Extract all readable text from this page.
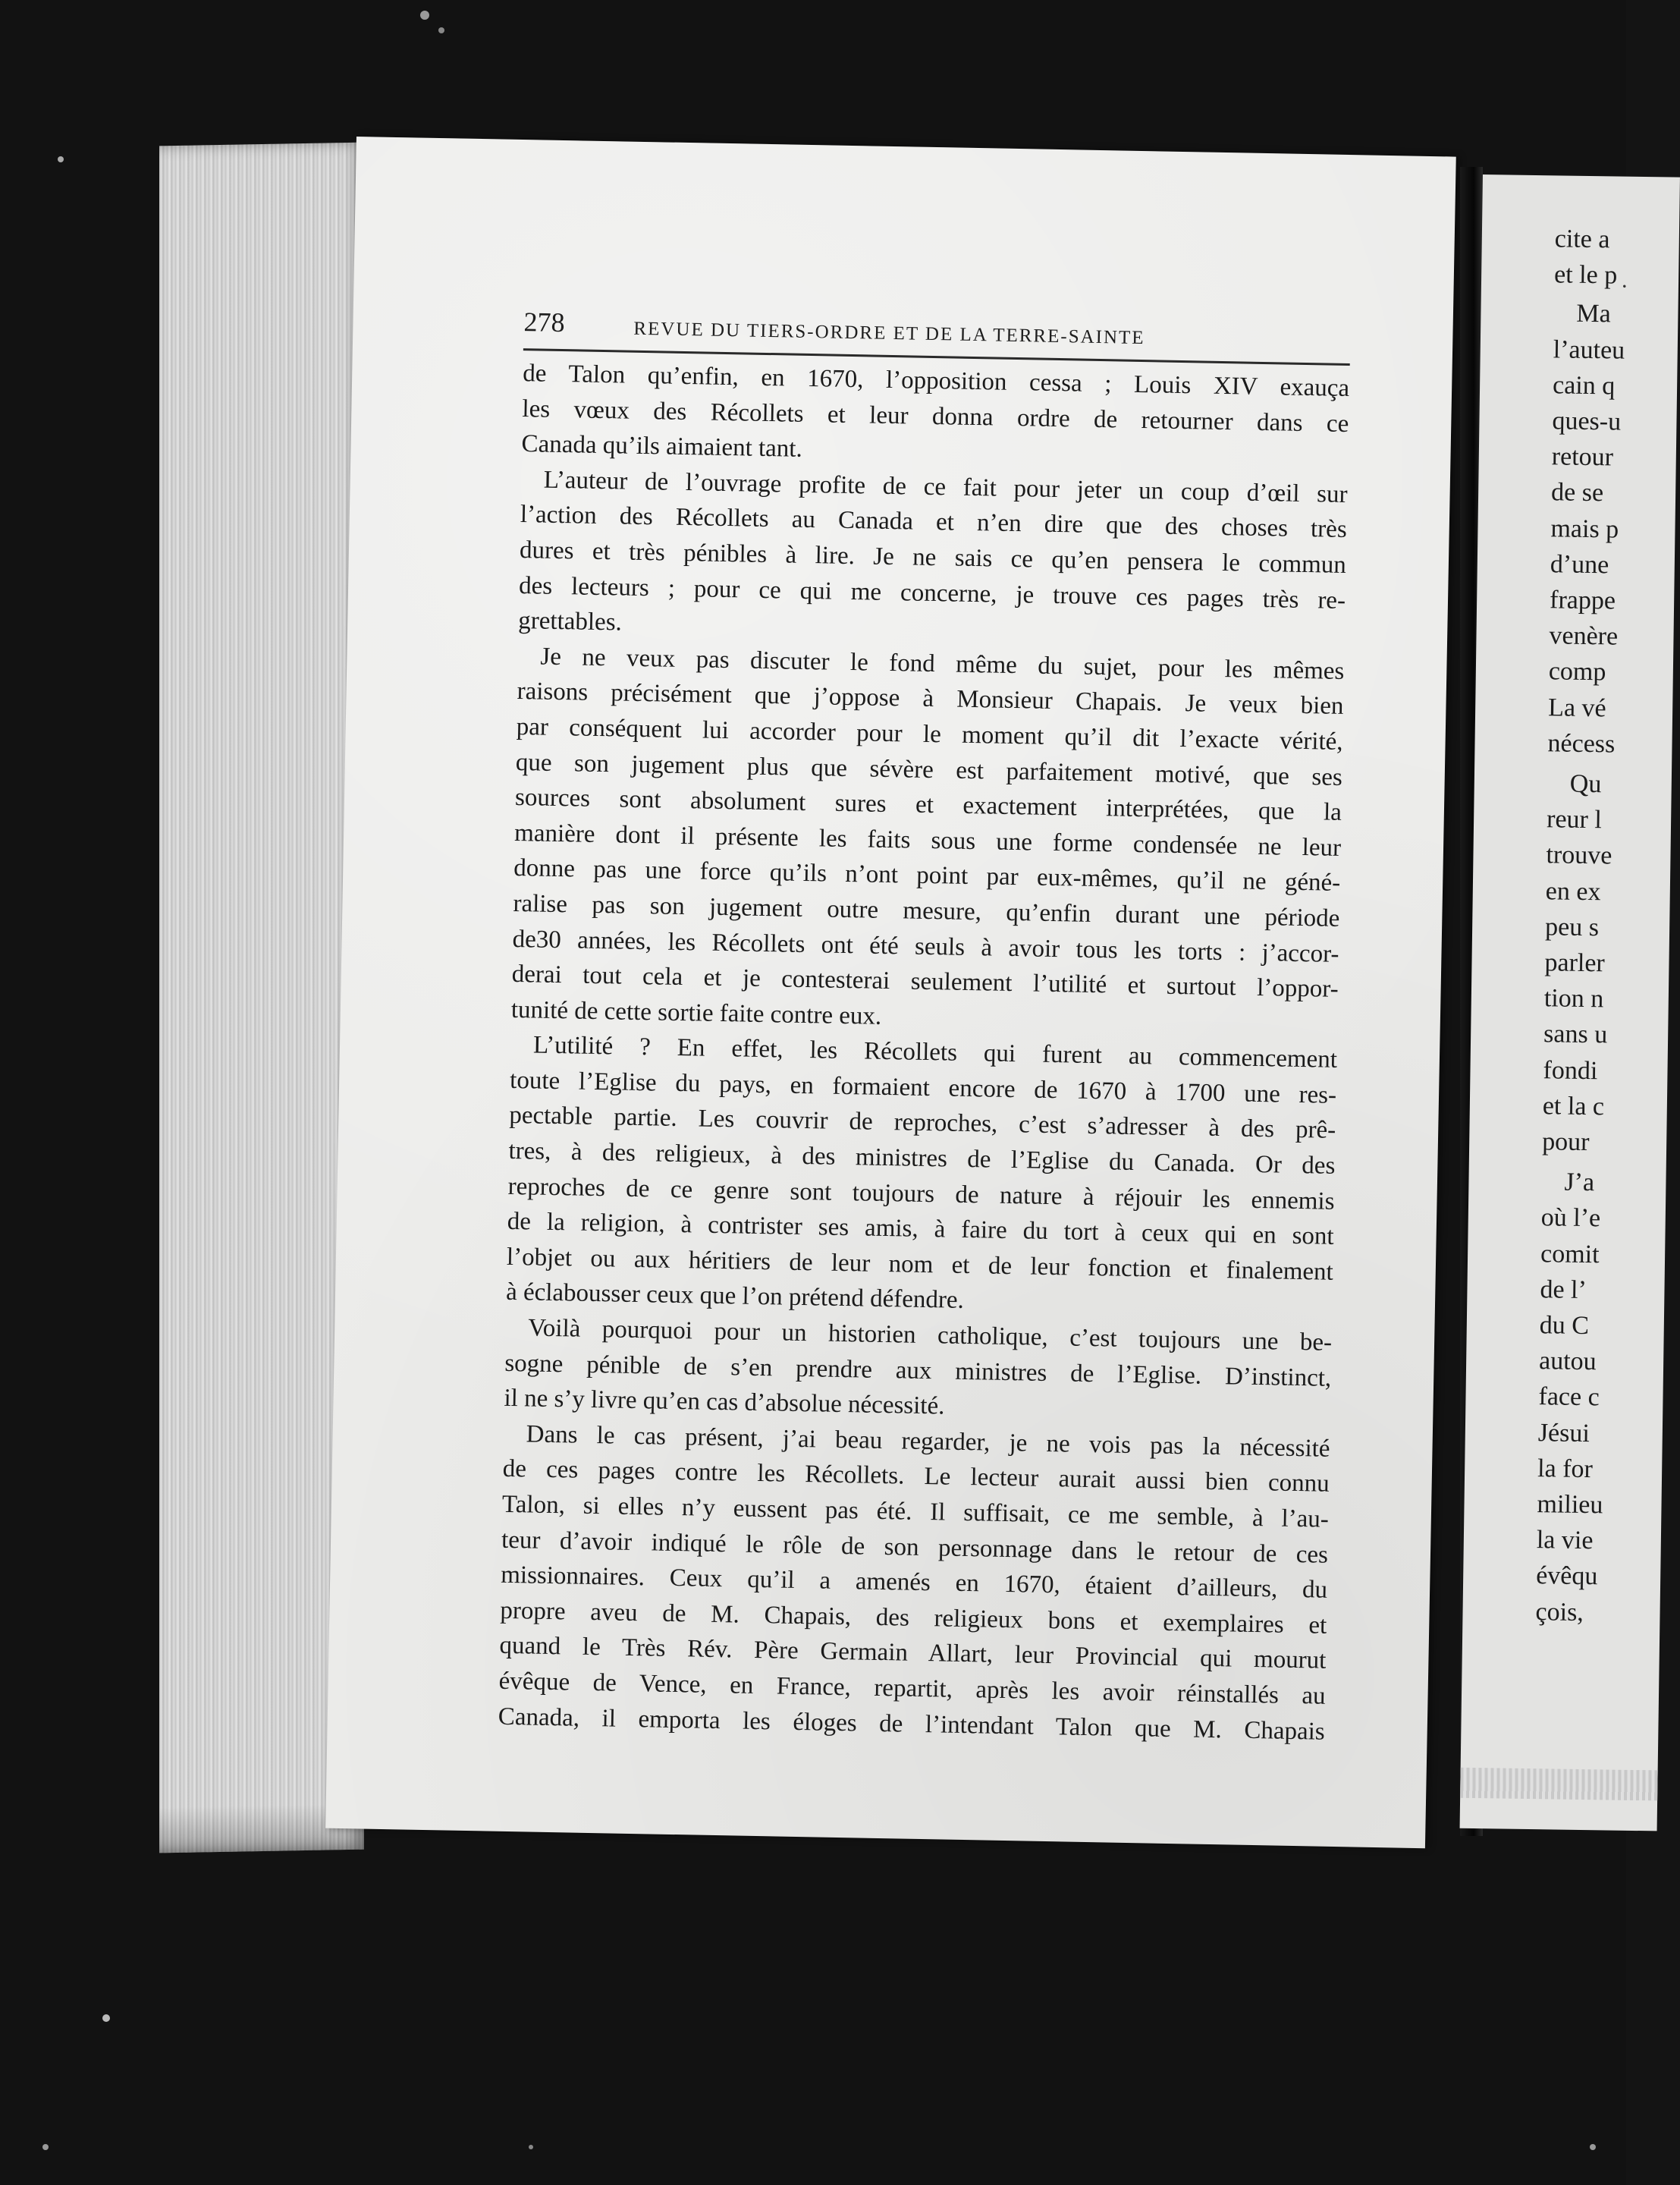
278	REVUE DU TIERS-ORDRE ET DE LA TERRE-SAINTE
de Talon qu’enfin, en 1670, l’opposition cessa ; Louis XIV exauça
les vœux des Récollets et leur donna ordre de retourner dans ce
Canada qu’ils aimaient tant.
L’auteur de l’ouvrage profite de ce fait pour jeter un coup d’œil sur
l’action des Récollets au Canada et n’en dire que des choses très
dures et très pénibles à lire. Je ne sais ce qu’en pensera le commun
des lecteurs ; pour ce qui me concerne, je trouve ces pages très re-
grettables.
Je ne veux pas discuter le fond même du sujet, pour les mêmes
raisons précisément que j’oppose à Monsieur Chapais. Je veux bien
par conséquent lui accorder pour le moment qu’il dit l’exacte vérité,
que son jugement plus que sévère est parfaitement motivé, que ses
sources sont absolument sures et exactement interprétées, que la
manière dont il présente les faits sous une forme condensée ne leur
donne pas une force qu’ils n’ont point par eux-mêmes, qu’il ne géné-
ralise pas son jugement outre mesure, qu’enfin durant une période
de30 années, les Récollets ont été seuls à avoir tous les torts : j’accor-
derai tout cela et je contesterai seulement l’utilité et surtout l’oppor-
tunité de cette sortie faite contre eux.
L’utilité ? En effet, les Récollets qui furent au commencement
toute l’Eglise du pays, en formaient encore de 1670 à 1700 une res-
pectable partie. Les couvrir de reproches, c’est s’adresser à des prê-
tres, à des religieux, à des ministres de l’Eglise du Canada. Or des
reproches de ce genre sont toujours de nature à réjouir les ennemis
de la religion, à contrister ses amis, à faire du tort à ceux qui en sont
l’objet ou aux héritiers de leur nom et de leur fonction et finalement
à éclabousser ceux que l’on prétend défendre.
Voilà pourquoi pour un historien catholique, c’est toujours une be-
sogne pénible de s’en prendre aux ministres de l’Eglise. D’instinct,
il ne s’y livre qu’en cas d’absolue nécessité.
Dans le cas présent, j’ai beau regarder, je ne vois pas la nécessité
de ces pages contre les Récollets. Le lecteur aurait aussi bien connu
Talon, si elles n’y eussent pas été. Il suffisait, ce me semble, à l’au-
teur d’avoir indiqué le rôle de son personnage dans le retour de ces
missionnaires. Ceux qu’il a amenés en 1670, étaient d’ailleurs, du
propre aveu de M. Chapais, des religieux bons et exemplaires et
quand le Très Rév. Père Germain Allart, leur Provincial qui mourut
évêque de Vence, en France, repartit, après les avoir réinstallés au
Canada, il emporta les éloges de l’intendant Talon que M. Chapais
.
cite a
et le p
Ma
l’auteu
cain q
ques-u
retour
de se
mais p
d’une
frappe
venère
comp
La vé
nécess
Qu
reur l
trouve
en ex
peu s
parler
tion n
sans u
fondi
et la c
pour
J’a
où l’e
comit
de l’
du C
autou
face c
Jésui
la for
milieu
la vie
évêqu
çois,
